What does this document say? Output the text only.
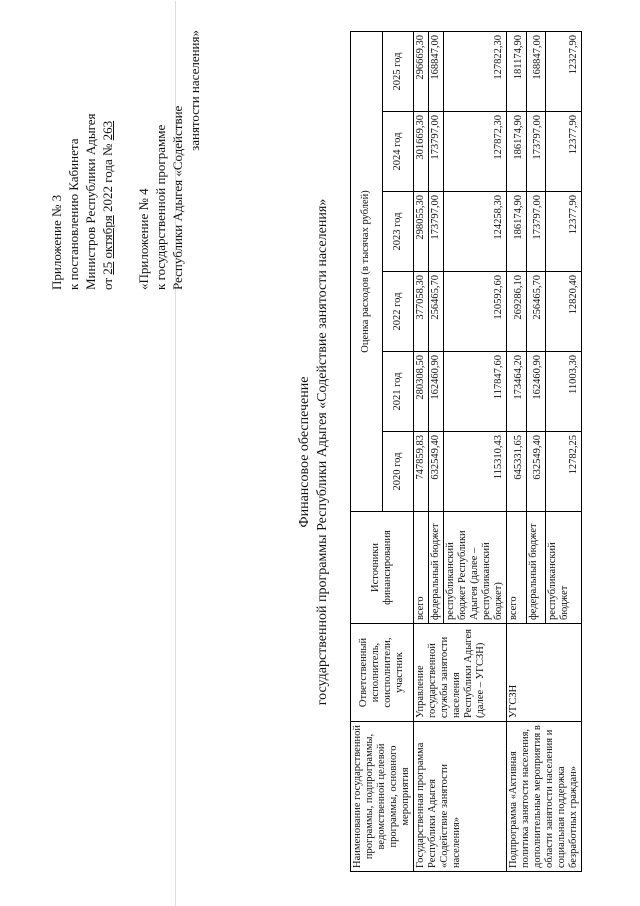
Приложение № 3 к постановлению Кабинета Министров Республики Адыгея от 25 октября 2022 года № 263
«Приложение № 4 к государственной программе Республики Адыгея «Содействие
занятости населения»
Финансовое обеспечение государственной программы Республики Адыгея «Содействие занятости населения»
Наименование государственной программы, подпрограммы, ведомственной целевой программы, основного мероприятия	Ответственный исполнитель, соисполнители, участник	Источники финансирования	Оценка расходов (в тысячах рублей)					
			2020 год	2021 год	2022 год	2023 год	2024 год	2025 год
Государственная программа Республики Адыгея «Содействие занятости населения»	Управление государственной службы занятости населения Республики Адыгея (далее – УГСЗН)	всего	747859,83	280308,50	377058,30	298055,30	301669,30	296669,30
		федеральный бюджет	632549,40	162460,90	256465,70	173797,00	173797,00	168847,00
		республиканский бюджет Республики Адыгея (далее – республиканский бюджет)	115310,43	117847,60	120592,60	124258,30	127872,30	127822,30
Подпрограмма «Активная политика занятости населения, дополнительные мероприятия в области занятости населения и социальная поддержка безработных граждан»	УГСЗН	всего	645331,65	173464,20	269286,10	186174,90	186174,90	181174,90
		федеральный бюджет	632549,40	162460,90	256465,70	173797,00	173797,00	168847,00
		республиканский бюджет	12782,25	11003,30	12820,40	12377,90	12377,90	12327,90
